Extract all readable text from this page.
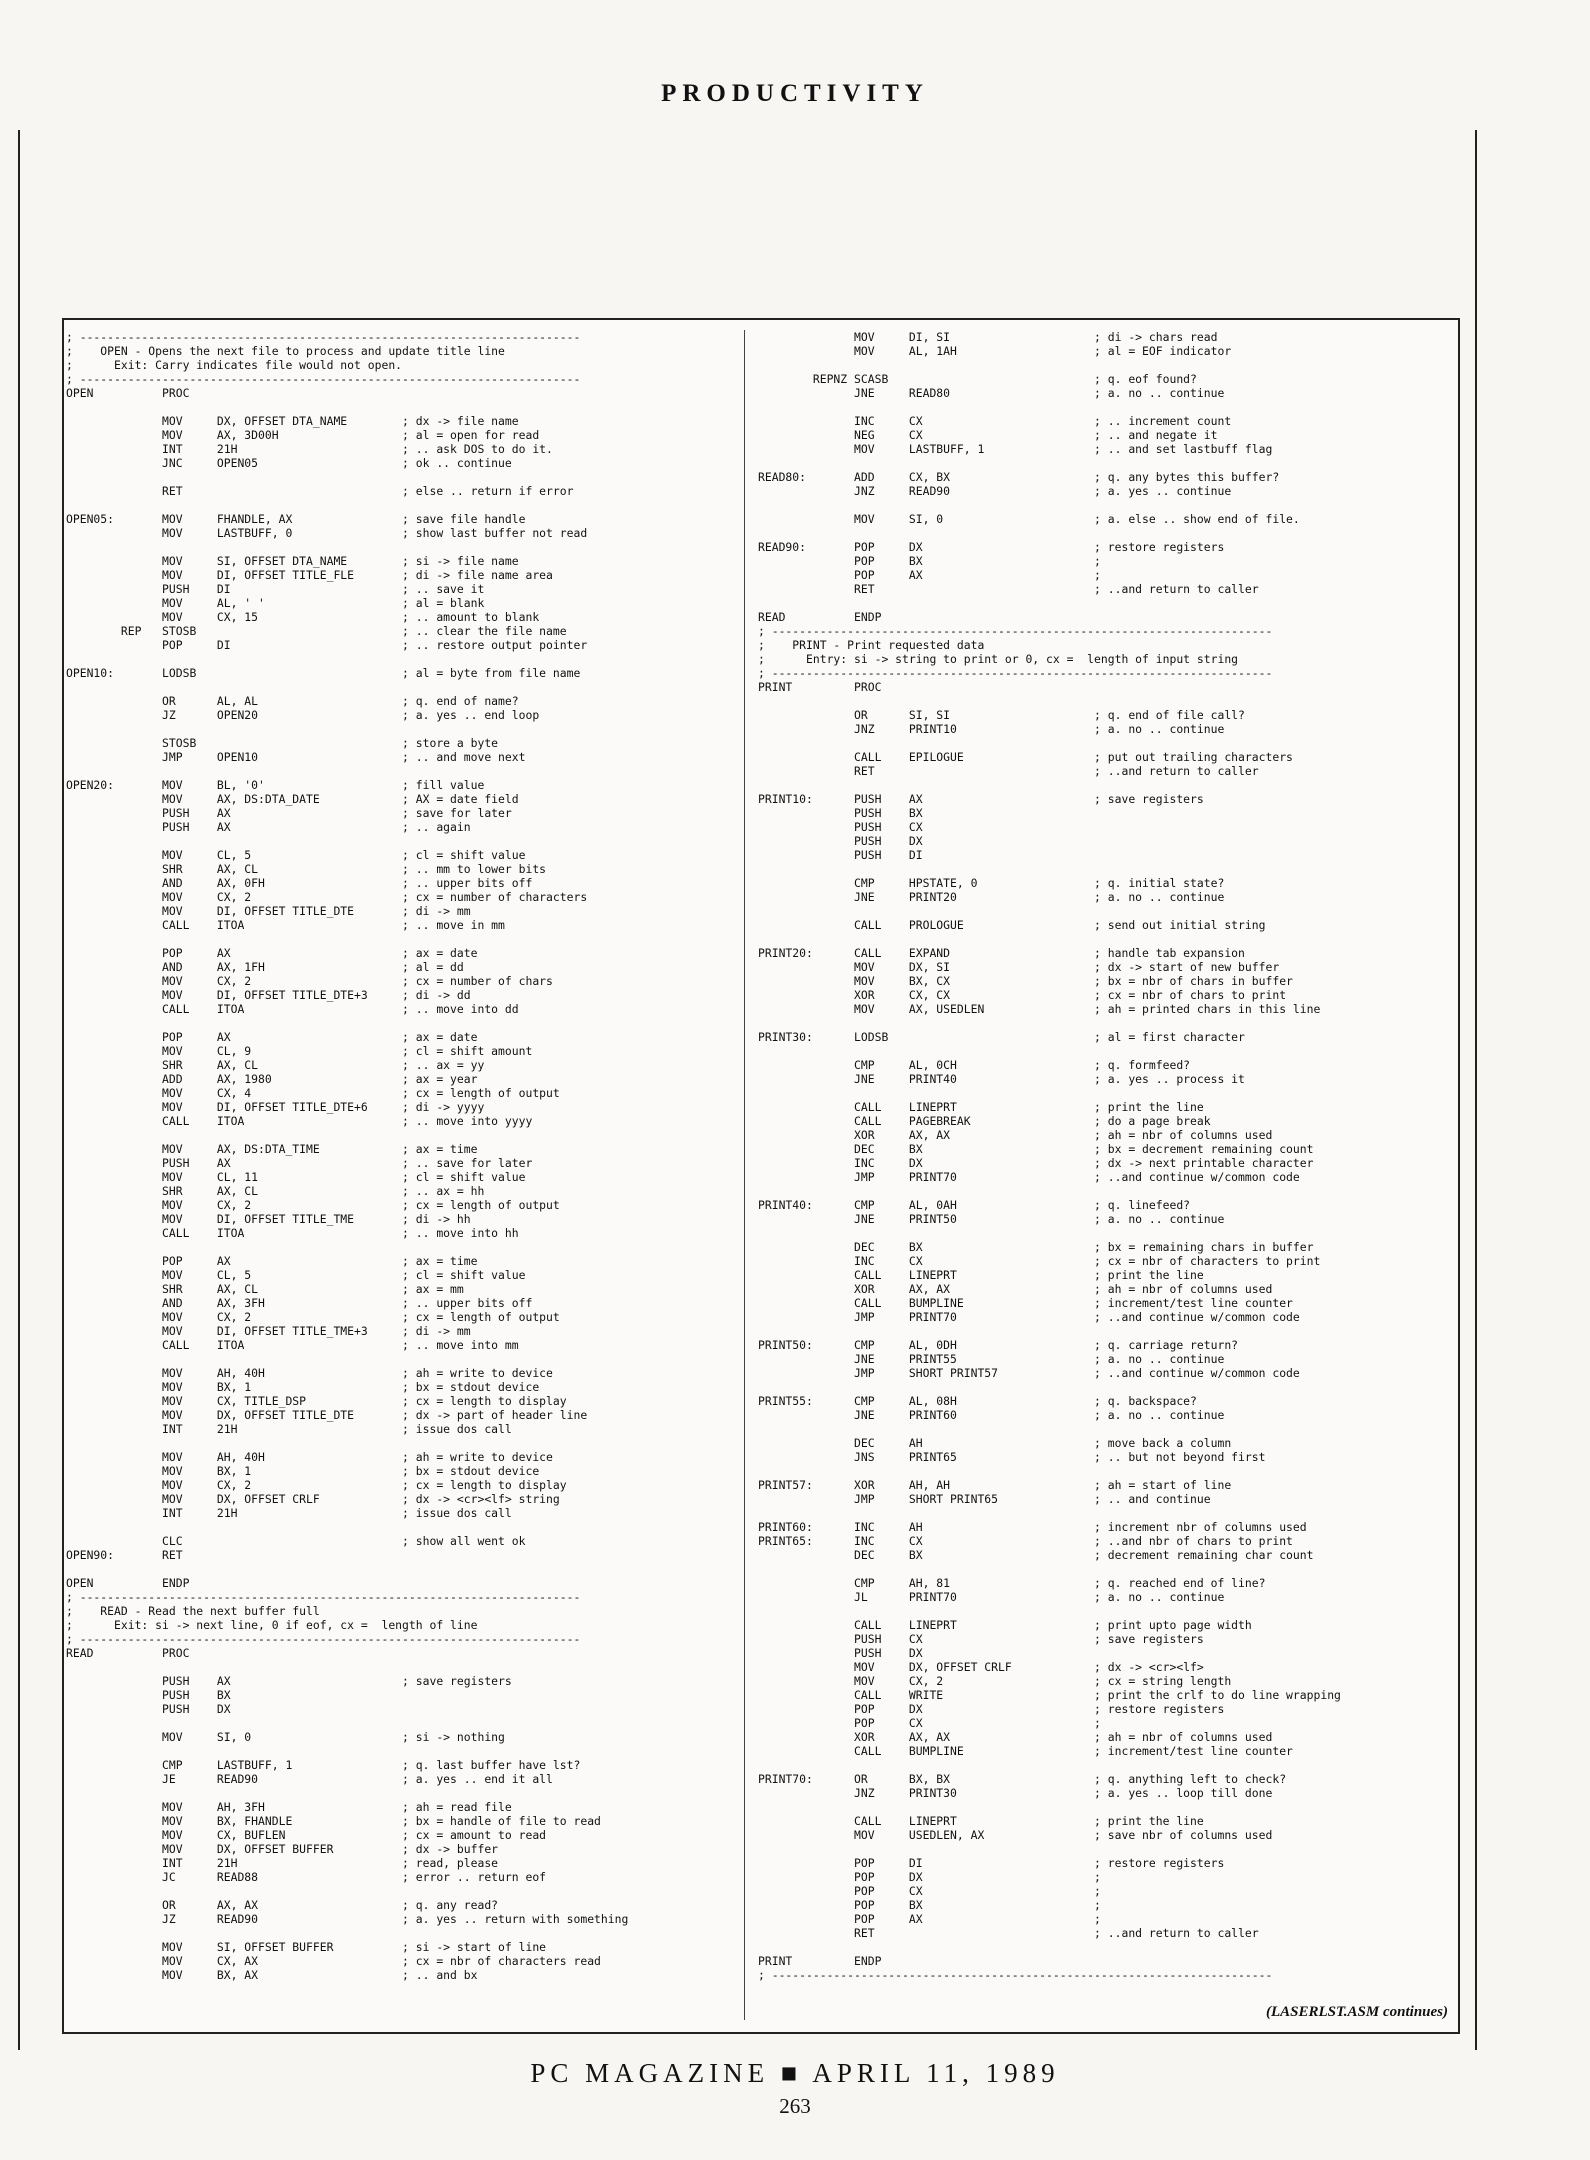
PRODUCTIVITY
; -------------------------------------------------------------------------
;    OPEN - Opens the next file to process and update title line
;      Exit: Carry indicates file would not open.
; -------------------------------------------------------------------------
OPEN          PROC

MOV     DX, OFFSET DTA_NAME        ; dx -> file name
MOV     AX, 3D00H                  ; al = open for read
INT     21H                        ; .. ask DOS to do it.
JNC     OPEN05                     ; ok .. continue

RET                                ; else .. return if error

OPEN05:       MOV     FHANDLE, AX                ; save file handle
MOV     LASTBUFF, 0                ; show last buffer not read

MOV     SI, OFFSET DTA_NAME        ; si -> file name
MOV     DI, OFFSET TITLE_FLE       ; di -> file name area
PUSH    DI                         ; .. save it
MOV     AL, ' '                    ; al = blank
MOV     CX, 15                     ; .. amount to blank
REP   STOSB                              ; .. clear the file name
POP     DI                         ; .. restore output pointer

OPEN10:       LODSB                              ; al = byte from file name

OR      AL, AL                     ; q. end of name?
JZ      OPEN20                     ; a. yes .. end loop

STOSB                              ; store a byte
JMP     OPEN10                     ; .. and move next

OPEN20:       MOV     BL, '0'                    ; fill value
MOV     AX, DS:DTA_DATE            ; AX = date field
PUSH    AX                         ; save for later
PUSH    AX                         ; .. again

MOV     CL, 5                      ; cl = shift value
SHR     AX, CL                     ; .. mm to lower bits
AND     AX, 0FH                    ; .. upper bits off
MOV     CX, 2                      ; cx = number of characters
MOV     DI, OFFSET TITLE_DTE       ; di -> mm
CALL    ITOA                       ; .. move in mm

POP     AX                         ; ax = date
AND     AX, 1FH                    ; al = dd
MOV     CX, 2                      ; cx = number of chars
MOV     DI, OFFSET TITLE_DTE+3     ; di -> dd
CALL    ITOA                       ; .. move into dd

POP     AX                         ; ax = date
MOV     CL, 9                      ; cl = shift amount
SHR     AX, CL                     ; .. ax = yy
ADD     AX, 1980                   ; ax = year
MOV     CX, 4                      ; cx = length of output
MOV     DI, OFFSET TITLE_DTE+6     ; di -> yyyy
CALL    ITOA                       ; .. move into yyyy

MOV     AX, DS:DTA_TIME            ; ax = time
PUSH    AX                         ; .. save for later
MOV     CL, 11                     ; cl = shift value
SHR     AX, CL                     ; .. ax = hh
MOV     CX, 2                      ; cx = length of output
MOV     DI, OFFSET TITLE_TME       ; di -> hh
CALL    ITOA                       ; .. move into hh

POP     AX                         ; ax = time
MOV     CL, 5                      ; cl = shift value
SHR     AX, CL                     ; ax = mm
AND     AX, 3FH                    ; .. upper bits off
MOV     CX, 2                      ; cx = length of output
MOV     DI, OFFSET TITLE_TME+3     ; di -> mm
CALL    ITOA                       ; .. move into mm

MOV     AH, 40H                    ; ah = write to device
MOV     BX, 1                      ; bx = stdout device
MOV     CX, TITLE_DSP              ; cx = length to display
MOV     DX, OFFSET TITLE_DTE       ; dx -> part of header line
INT     21H                        ; issue dos call

MOV     AH, 40H                    ; ah = write to device
MOV     BX, 1                      ; bx = stdout device
MOV     CX, 2                      ; cx = length to display
MOV     DX, OFFSET CRLF            ; dx -> <cr><lf> string
INT     21H                        ; issue dos call

CLC                                ; show all went ok
OPEN90:       RET

OPEN          ENDP
; -------------------------------------------------------------------------
;    READ - Read the next buffer full
;      Exit: si -> next line, 0 if eof, cx =  length of line
; -------------------------------------------------------------------------
READ          PROC

PUSH    AX                         ; save registers
PUSH    BX
PUSH    DX

MOV     SI, 0                      ; si -> nothing

CMP     LASTBUFF, 1                ; q. last buffer have lst?
JE      READ90                     ; a. yes .. end it all

MOV     AH, 3FH                    ; ah = read file
MOV     BX, FHANDLE                ; bx = handle of file to read
MOV     CX, BUFLEN                 ; cx = amount to read
MOV     DX, OFFSET BUFFER          ; dx -> buffer
INT     21H                        ; read, please
JC      READ88                     ; error .. return eof

OR      AX, AX                     ; q. any read?
JZ      READ90                     ; a. yes .. return with something

MOV     SI, OFFSET BUFFER          ; si -> start of line
MOV     CX, AX                     ; cx = nbr of characters read
MOV     BX, AX                     ; .. and bx
MOV     DI, SI                     ; di -> chars read
MOV     AL, 1AH                    ; al = EOF indicator

REPNZ SCASB                              ; q. eof found?
JNE     READ80                     ; a. no .. continue

INC     CX                         ; .. increment count
NEG     CX                         ; .. and negate it
MOV     LASTBUFF, 1                ; .. and set lastbuff flag

READ80:       ADD     CX, BX                     ; q. any bytes this buffer?
JNZ     READ90                     ; a. yes .. continue

MOV     SI, 0                      ; a. else .. show end of file.

READ90:       POP     DX                         ; restore registers
POP     BX                         ;
POP     AX                         ;
RET                                ; ..and return to caller

READ          ENDP
; -------------------------------------------------------------------------
;    PRINT - Print requested data
;      Entry: si -> string to print or 0, cx =  length of input string
; -------------------------------------------------------------------------
PRINT         PROC

OR      SI, SI                     ; q. end of file call?
JNZ     PRINT10                    ; a. no .. continue

CALL    EPILOGUE                   ; put out trailing characters
RET                                ; ..and return to caller

PRINT10:      PUSH    AX                         ; save registers
PUSH    BX
PUSH    CX
PUSH    DX
PUSH    DI

CMP     HPSTATE, 0                 ; q. initial state?
JNE     PRINT20                    ; a. no .. continue

CALL    PROLOGUE                   ; send out initial string

PRINT20:      CALL    EXPAND                     ; handle tab expansion
MOV     DX, SI                     ; dx -> start of new buffer
MOV     BX, CX                     ; bx = nbr of chars in buffer
XOR     CX, CX                     ; cx = nbr of chars to print
MOV     AX, USEDLEN                ; ah = printed chars in this line

PRINT30:      LODSB                              ; al = first character

CMP     AL, 0CH                    ; q. formfeed?
JNE     PRINT40                    ; a. yes .. process it

CALL    LINEPRT                    ; print the line
CALL    PAGEBREAK                  ; do a page break
XOR     AX, AX                     ; ah = nbr of columns used
DEC     BX                         ; bx = decrement remaining count
INC     DX                         ; dx -> next printable character
JMP     PRINT70                    ; ..and continue w/common code

PRINT40:      CMP     AL, 0AH                    ; q. linefeed?
JNE     PRINT50                    ; a. no .. continue

DEC     BX                         ; bx = remaining chars in buffer
INC     CX                         ; cx = nbr of characters to print
CALL    LINEPRT                    ; print the line
XOR     AX, AX                     ; ah = nbr of columns used
CALL    BUMPLINE                   ; increment/test line counter
JMP     PRINT70                    ; ..and continue w/common code

PRINT50:      CMP     AL, 0DH                    ; q. carriage return?
JNE     PRINT55                    ; a. no .. continue
JMP     SHORT PRINT57              ; ..and continue w/common code

PRINT55:      CMP     AL, 08H                    ; q. backspace?
JNE     PRINT60                    ; a. no .. continue

DEC     AH                         ; move back a column
JNS     PRINT65                    ; .. but not beyond first

PRINT57:      XOR     AH, AH                     ; ah = start of line
JMP     SHORT PRINT65              ; .. and continue

PRINT60:      INC     AH                         ; increment nbr of columns used
PRINT65:      INC     CX                         ; ..and nbr of chars to print
DEC     BX                         ; decrement remaining char count

CMP     AH, 81                     ; q. reached end of line?
JL      PRINT70                    ; a. no .. continue

CALL    LINEPRT                    ; print upto page width
PUSH    CX                         ; save registers
PUSH    DX
MOV     DX, OFFSET CRLF            ; dx -> <cr><lf>
MOV     CX, 2                      ; cx = string length
CALL    WRITE                      ; print the crlf to do line wrapping
POP     DX                         ; restore registers
POP     CX                         ;
XOR     AX, AX                     ; ah = nbr of columns used
CALL    BUMPLINE                   ; increment/test line counter

PRINT70:      OR      BX, BX                     ; q. anything left to check?
JNZ     PRINT30                    ; a. yes .. loop till done

CALL    LINEPRT                    ; print the line
MOV     USEDLEN, AX                ; save nbr of columns used

POP     DI                         ; restore registers
POP     DX                         ;
POP     CX                         ;
POP     BX                         ;
POP     AX                         ;
RET                                ; ..and return to caller

PRINT         ENDP
; -------------------------------------------------------------------------
(LASERLST.ASM continues)
PC MAGAZINE ■ APRIL 11, 1989
263
